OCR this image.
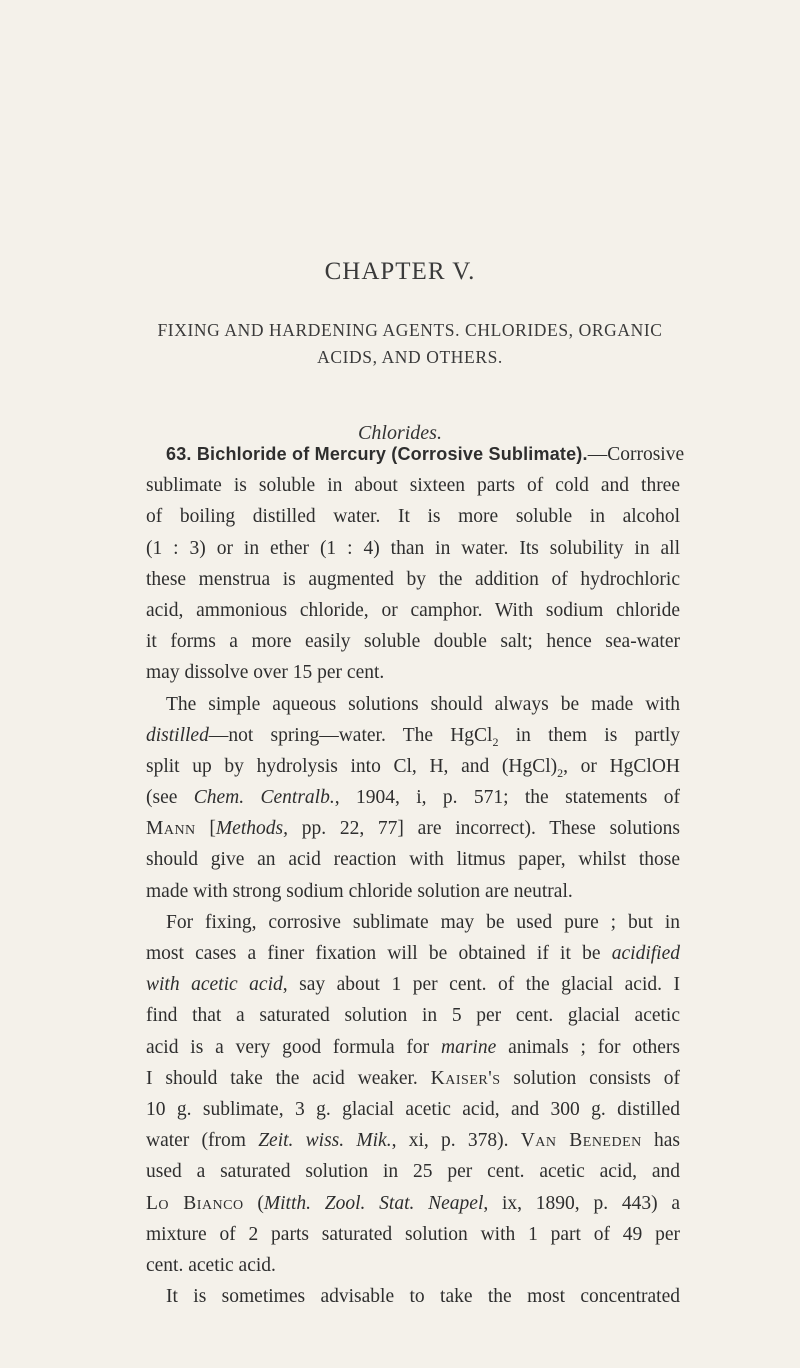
CHAPTER V.
FIXING AND HARDENING AGENTS. CHLORIDES, ORGANIC ACIDS, AND OTHERS.
Chlorides.
63. Bichloride of Mercury (Corrosive Sublimate).—Corrosive
sublimate is soluble in about sixteen parts of cold and three
of boiling distilled water. It is more soluble in alcohol
(1 : 3) or in ether (1 : 4) than in water. Its solubility in all
these menstrua is augmented by the addition of hydrochloric
acid, ammonious chloride, or camphor. With sodium chloride
it forms a more easily soluble double salt; hence sea-water
may dissolve over 15 per cent.
The simple aqueous solutions should always be made with
distilled—not spring—water. The HgCl$_2$ in them is partly
split up by hydrolysis into Cl, H, and $(HgCl)_2$, or HgClOH
(see Chem. Centralb., 1904, i, p. 571; the statements of
Mann [Methods, pp. 22, 77] are incorrect). These solutions
should give an acid reaction with litmus paper, whilst those
made with strong sodium chloride solution are neutral.
For fixing, corrosive sublimate may be used pure ; but in
most cases a finer fixation will be obtained if it be acidified
with acetic acid, say about 1 per cent. of the glacial acid. I
find that a saturated solution in 5 per cent. glacial acetic
acid is a very good formula for marine animals ; for others
I should take the acid weaker. Kaiser's solution consists of
10 g. sublimate, 3 g. glacial acetic acid, and 300 g. distilled
water (from Zeit. wiss. Mik., xi, p. 378). Van Beneden has
used a saturated solution in 25 per cent. acetic acid, and
Lo Bianco (Mitth. Zool. Stat. Neapel, ix, 1890, p. 443) a
mixture of 2 parts saturated solution with 1 part of 49 per
cent. acetic acid.
It is sometimes advisable to take the most concentrated
